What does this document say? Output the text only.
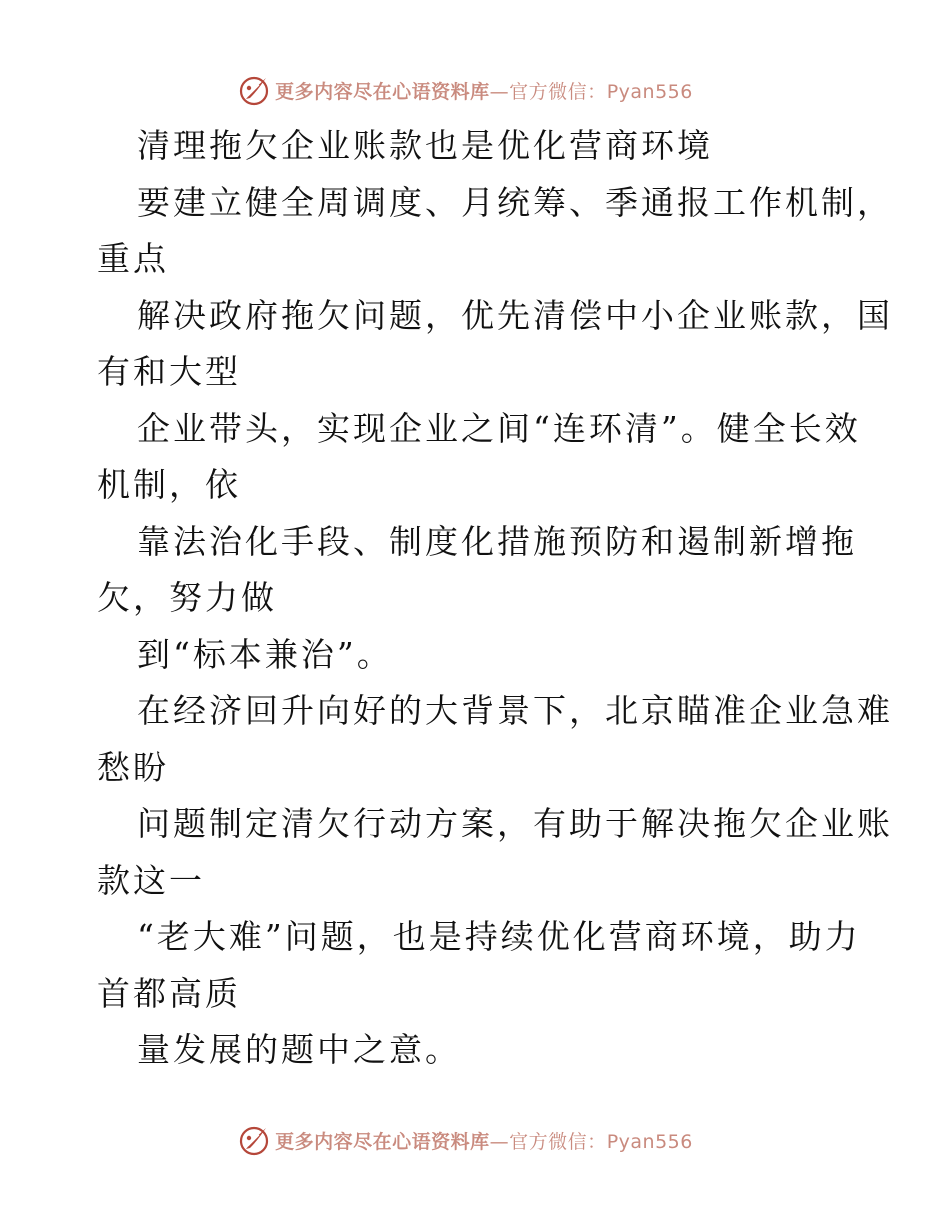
更多内容尽在心语资料库—官方微信：Pyan556
清理拖欠企业账款也是优化营商环境
要建立健全周调度、月统筹、季通报工作机制，
重点
解决政府拖欠问题，优先清偿中小企业账款，国
有和大型
企业带头，实现企业之间“连环清”。健全长效
机制，依
靠法治化手段、制度化措施预防和遏制新增拖
欠，努力做
到“标本兼治”。
在经济回升向好的大背景下，北京瞄准企业急难
愁盼
问题制定清欠行动方案，有助于解决拖欠企业账
款这一
“老大难”问题，也是持续优化营商环境，助力
首都高质
量发展的题中之意。
更多内容尽在心语资料库—官方微信：Pyan556
